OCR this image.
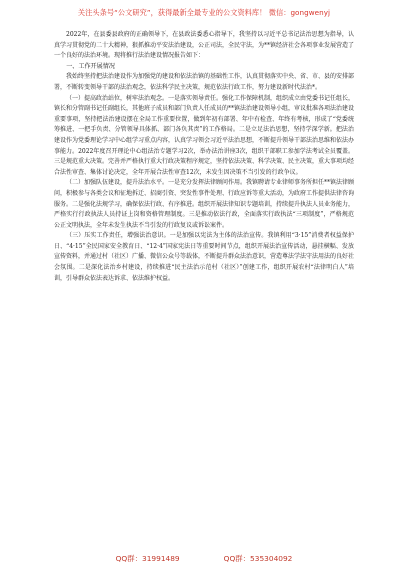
关注头条号“公文研究”，获得最新全最专业的公文资料库！ 微信：gongwenyj

2022年，在县委县政府的正确领导下，在县政法委悉心指导下，我坚持以习近平总书记法治思想为指导，认真学习贯彻党的二十大精神，狠抓推动平安法治建设，公正司法，全民守法，为**镇经济社会各项事业发展营造了一个良好的法治环境。现将推行法治建设情况报告如下：

一、工作开展情况

我始终坚持把法治建设作为加强党的建设和依法治镇的基础性工作，认真贯彻落实中央、省、市、县的安排部署，不断转变领导干部的法治观念，依法科学民主决策，规范依法行政工作，努力建设新时代法治*。

（一）提高政治站位，树牢法治观念。一是落实领导责任。强化工作保障机制，组织成立由党委书记任组长，镇长和分管副书记任副组长，其他班子成员和部门负责人任成员的**镇法治建设领导小组，审议批准各项法治建设重要事项，坚持把法治建设摆在全局工作重要位置，做到年初有部署、年中有检查、年终有考核，形成了“党委统筹推进、一把手负责、分管领导具体抓、部门各负其责”的工作格局。二是立足法治思想，坚持学深学新。把法治建设作为党委理论学习中心组学习重点内容，认真学习领会习近平法治思想，不断提升领导干部法治思维和依法办事能力。2022年度召开理论中心组法治专题学习2次，举办法治讲座3次，组织干部职工参加学法考试全员覆盖。三是规范重大决策。完善并严格执行重大行政决策程序规定，坚持依法决策、科学决策、民主决策，重大事项均经合法性审查、集体讨论决定，全年开展合法性审查12次，未发生因决策不当引发的行政争议。

（二）加强队伍建设，提升法治水平。一是充分发挥法律顾问作用。我镇聘请专业律师事务所担任**镇法律顾问，积极参与各类会议和征地拆迁、招商引资、突发性事件处理、行政应诉等重大活动，为政府工作提供法律咨询服务。二是强化法规学习，确保依法行政、有序推进。组织开展法律知识专题培训，持续提升执法人员业务能力，严格实行行政执法人员持证上岗和资格管理制度。三是推动依法行政，全面落实行政执法“三项制度”，严格规范公正文明执法，全年未发生执法不当引发的行政复议或诉讼案件。

（三）压实工作责任，增强法治意识。一是加强以宪法为主体的法治宣传。我镇利用“3·15”消费者权益保护日、“4·15”全民国家安全教育日、“12·4”国家宪法日等重要时间节点，组织开展法治宣传活动，悬挂横幅、发放宣传资料，并通过村（社区）广播、微信公众号等载体，不断提升群众法治意识，营造尊法学法守法用法的良好社会氛围。二是深化法治乡村建设，持续推进“民主法治示范村（社区）”创建工作，组织开展农村“法律明白人”培训，引导群众依法表达诉求、依法维护权益。

QQ群：31991489	QQ群：535304092
